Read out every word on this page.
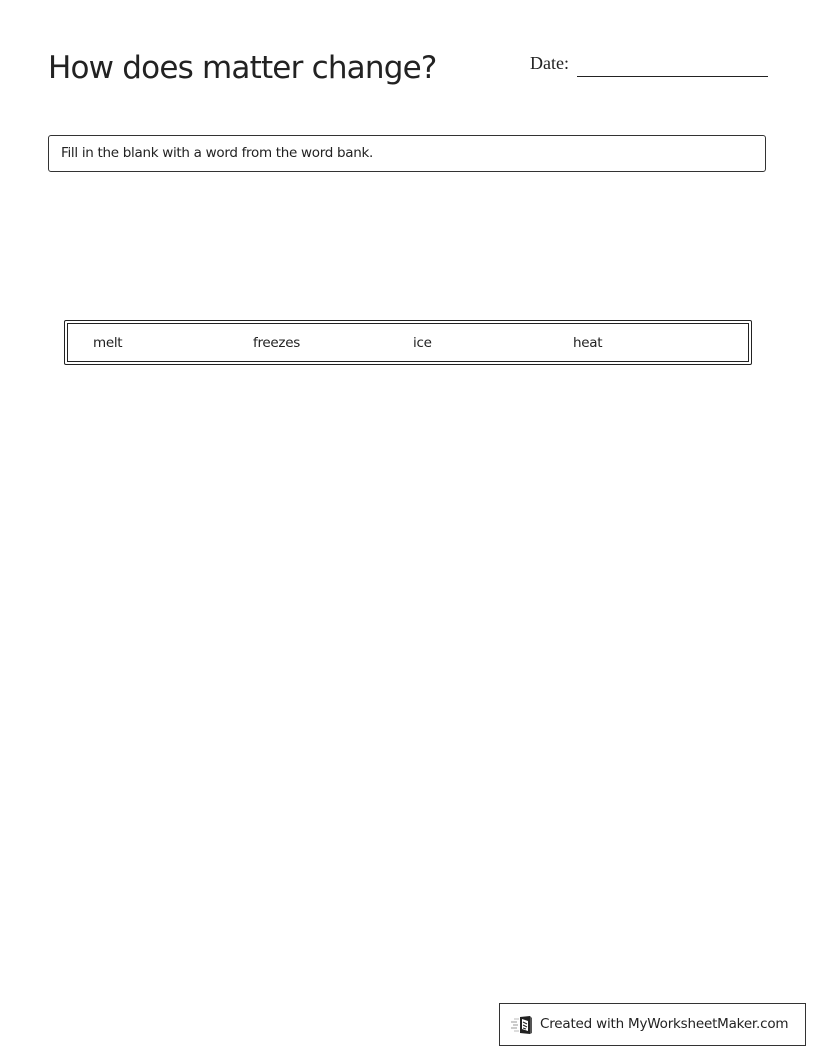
How does matter change?	Date:
Fill in the blank with a word from the word bank.
melt	freezes	ice	heat
Created with MyWorksheetMaker.com
